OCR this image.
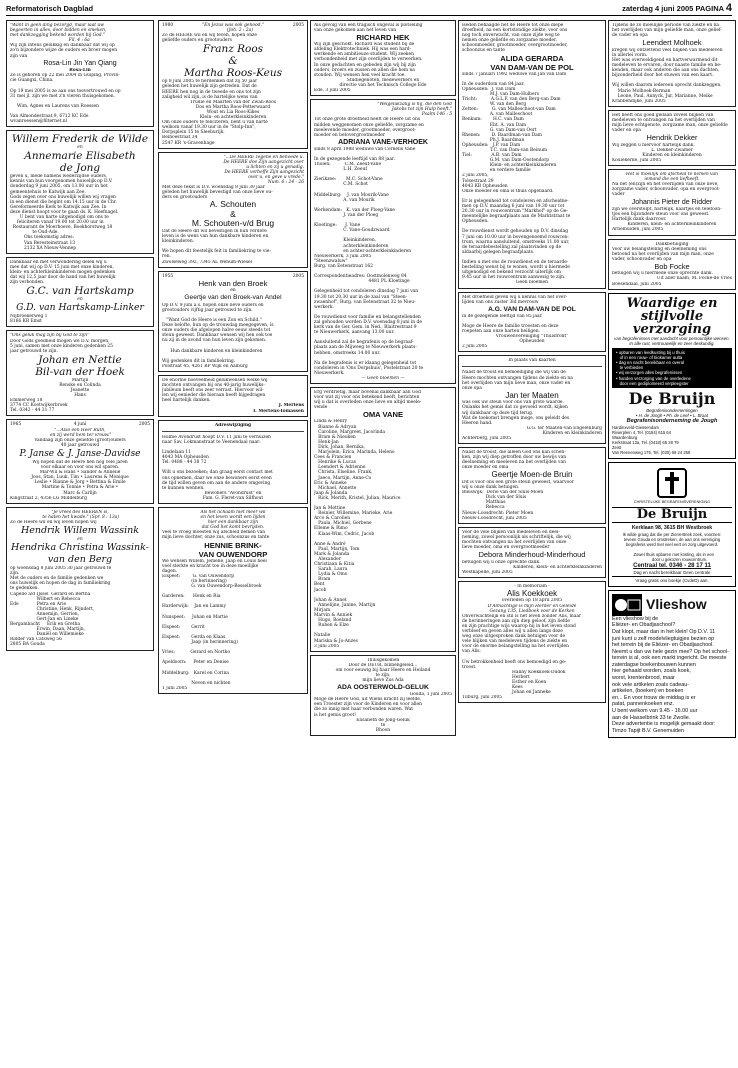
Reformatorisch Dagblad	zaterdag 4 juni 2005 PAGINA 4
"Want in geen ding bezorgd, maar laat uw
begeerten in alles, door bidden en smeken,
met dankzegging bekend worden bij God."
Fil. 4 : 6a
Wij zijn intens gelukkig en dankbaar dat wij op
zo'n bijzondere wijze de ouders en broer mogen
zijn van
Rosa-Lin Jin Yan Qiang
Rosa-Lin
Ze is geboren op 22 mei 2004 in Guiping, Provin-
cie Guangxi, China.

Op 19 mei 2005 is ze aan ons toevertrouwd en op
31 mei jl. zijn we met z'n vieren thuisgekomen.

Wim, Agnes en Laurens van Roessen

Van Almondestraat 9, 6712 KC Ede
wvanroessen@filternet.nl
Willem Frederik de Wilde
en
Annemarie Elisabeth
de Jong
geven u, mede namens wederzijdse ouders,
kennis van hun voorgenomen huwelijk op D.V.
donderdag 9 juni 2005, om 13.00 uur in het
gemeentehuis te Katwijk aan Zee.
Gods zegen over ons huwelijk willen wij vragen
in een dienst die begint om 14.15 uur in de Chr.
Gereformeerde Kerk te Katwijk aan Zee. In
deze dienst hoopt voor te gaan ds. K. Hoefnagel.
U bent van harte uitgenodigd om ons te
feliciteren vanaf 19.00 tot 20.00 uur in
Restaurant de Moerhoeve, Boekhorstweg 18
te Oud-Ade.
Ons toekomstig adres:
Van Beresteinstraat 13
2132 XA Nieuw-Vennep
Dankbaar en met verwondering delen wij u
mee dat wij op D.V. 15 juni met onze kinderen,
klein- en achterkleinkinderen mogen gedenken
dat wij 12,5 jaar door de hand van het huwelijk
zijn verbonden.
G.C. van Hartskamp
en
G.D. van Hartskamp-Linker
Nijbroekerweg 1
8166 KR Emst
"Ons geluk mag zijn bij God te zijn"
Door Gods goedheid mogen we D.V. morgen,
5 juni, samen met onze kinderen gedenken 25
jaar getrouwd te zijn.
Johan en Nettie
Bil-van der Hoek
Martijn
Renske en Colinda
Jeanette
Hans
Emmerweg 18
3774 CC Kootwijkerbroek
Tel. 0342 - 44 31 77
1965	4 juni	2005
"...Also een Heer Ruth,
en zij werd hem ter vrouw."
Vandaag zijn onze geliefde (groot)ouders
40 jaar getrouwd
P. Janse & J. Janse-Davidse
Wij hopen dat de Heere hen nog vele jaren
voor elkaar en voor ons wil sparen.
Mar-Wil & Hans • Sander & Annelie
Joos, Stan, Luuk, Tim • Laurens & Monique
Leslie • Rianne & Jorg • Bettina & Emile
Martine & Tonnie • Petra & Arie •
Marc & Carlijn
Kingstraat 2, 4356 LG Middelburg
"Je vrees des HEEREN is,
te haten het kwade." (Spr. 8 : 13a)
Zo de Heere wil en wij leven hopen wij
Hendrik Willem Wassink
en
Hendrika Christina Wassink-
van den Berg
op woensdag 8 juni 2005 30 jaar getrouwd te
zijn.
Met de ouders en de familie gedenken we
ons huwelijk en hopen de dag in familiekring
te gedenken.
Capelle a/d IJssel  Gerard en Bertha
Wilbert en Rebecca
Ede             Petra en Arie
Christine, Henk, Rijndert,
Annemijn, Gerrien,
Gert-Jan en Lineke
Bergambacht     Erik en Gretha
Erwin, Daan, Martijn,
Daniël en Willemieke
Ridder van Catsweg 56
2805 BA Gouda
1980	"En Jezus was ook genood."
(Joh. 2 : 2a)
2005
Zo de HEERE wil en wij leven, hopen onze
geliefde ouders en grootouders
Franz Roos
&
Martha Roos-Keus
op 8 juni 2005 te herdenken dat zij 50 jaar
geleden het huwelijk zijn getreden. Dat de
HEERE hen nog in de tweede en ons tot zijn
zaligheid wil zijn, is de hartelijke wens van
Trudie en Maarten van der Zwan-Roos
Dos en Martha Roos-Petterwaard
Wout en Lia Roos-Kikes
Klein- en achterkleinkinderen
Om onze ouders te feliciteren, bent u van harte
welkom vanaf 19.30 uur in de "Stolp-Inn",
Dorpsplein 15 te Sleeburijk.
Belhoestraat 34
2547 KR 's-Gravenhage
"...De HEERE zegene en behoede u.
De HEERE doe Zijn aangezicht over
u lichten en zij u genadig.
De HEERE verheffe Zijn aangezicht
over u, en geve u vrede."
Num. 6 : 24 - 26
Met deze tekst is D.V. woensdag 8 juni 30 jaar
geleden het huwelijk bevestigd van onze lieve ou-
ders en grootouders
A. Schouten
&
M. Schouten-v/d Brug
Dat de Heere dit wil bevestigen in hun verdere
leven is de wens van hun dankbare kinderen en
kleinkinderen.

We hopen dit feestelijk feit in familiekring te vie-
ren.
Zwolseweg 392, 7345 AL Wenum-Wiesel
1955	2005
Henk van den Broek
en
Geertje van den Broek-van Andel
Op D.V. 9 juni a.s. hopen onze lieve ouders en
grootouders vijftig jaar getrouwd te zijn.

"Want God de Heere is een Zon en Schild."
Deze belofte, hun op de trouwdag meegegeven, is
onze ouders die afgelopen halve eeuw steeds tot
steun geweest. Dankbaar wensen wij hen ook toe
nu zij in de avond van hun leven zijn gekomen.

Hun dankbare kinderen en kleinkinderen

Wij gedenken dit in familiekring.
Polstraat 45, 4261 BP Wijk en Aalburg
De enorme hoeveelheid gelukwensen welke wij
mochten ontvangen bij ons 40-jarig huwelijks-
jubileum heeft ons zeer verrast. Hiervoor wil-
len wij eenieder die hieraan heeft bijgedragen
heel hartelijk danken.
J. Mertens
T. Mertens-Tomassen
Adreswijziging
Hulme Avondrust hoopt D.V. 11 juni te verhuizen
naar Sav. Lokmanstraat te Veenendaal naar:

Lindelaan 11
4043 MA Opheusden
Tel. 0488 - 44 38 72

Wilt u ons bezoeken; dan graag eerst contact met
ons opnemen, daar we onze bewoners eerst even
de tijd willen geven om aan de andere omgeving
te kunnen wennen.
Bewoners "Avondrust" en
Fam. G. Fleret-van Silfhout
Als het lichaam niet meer wil
en het leven wordt een lijden
hier een dankbaar zijn
dat God het komt bevrijden.
Veel te vroeg moesten wij afscheid nemen van
mijn lieve dochter, onze zus, schoonzus en tante
HENNIE BRINK-
VAN OUWENDORP
We wensen Willem, Jemelle, Jaap en Louis heel
veel sterkte en kracht toe in deze moeilijke
dagen.
Elspeet:         G. van Ouwendorp
(in herinnering)
G. van Ouwendorp-Besselbroek

Garderen:      Henk en Ria

Harderwijk:    Jan en Lammy

Nunspeet:     Johan en Martie

Elspeet:        Gerrit

Elspeet:        Gerda en Klaas
Jaap (in herinnering)

Vries:           Gerard en Nortko

Apeldoorn:     Peter en Denise

Middelburg:   Karel en Corina

Neven en nichten
1 juni 2005
Als gevolg van een tragisch ongeval is plotseling
van onze gekomen aan het leven van
RICHARD HEK
Wij zijn geschokt. Richard was student bij de
afdeling Elektrotechniek. Hij was een hard-
werkende en ambitieuze student. Wij zeeken
verbondenheid met zijn overlijden te verwerken.
In onze gedachten en gebeden zijn wij bij zijn
ouders, broers en zussen en allen die hem na
stonden. Wij wensen hen veel kracht toe.
Studiegenoten, medewerkers en
directie van het Technisch College Ede
Ede, 3 juni 2005
"Welgelukzalig is hij, die den God
Jakobs tot zijn Hulp heeft."
Psalm 146 : 5
Tot onze grote droefheid heeft de Heere uit ons
midden weggenomen onze geliefde, zorgzame en
meelevende moeder, grootmoeder, overgroot-
moeder en betovergrootmoeder
ADRIANA VANE-VERHOEK
sinds 8 april 1988 weduwe van Cornelis Vane

In de gezegende leeftijd van 88 jaar.
Tholen:          C.M. Zeeuf-Vane
L.H. Zeeuf

Zierikzee:       M.C. Schot-Vane
C.M. Schot

Middelburg:    J. van Mourik-Vane
A. van Mourik

Werkendam:   K. van der Ploeg-Vane
J. van der Ploeg

Kloetinge:      J. Vane
C. Vane-Goudzwaard

Kleinkinderen,
achterkleinkinderen
en achter-achterkleinkinderen
Nieuwerkerk, 3 juni 2005
"Steenzwaluw"
Burg. van Eetenstraat 162

Correspondentieadres: Oostmolenweg 84
4481 PL Kloetinge

Gelegenheid tot condoleren dinsdag 7 juni van
19.30 tot 20.30 uur in de zaal van "Steen-
zwaenhof", Burg. van Eetenstraat 32 te Nieu-
werkerk.

De rouwdienst voor familie en belangstellenden
zal gehouden worden D.V. woensdag 8 juni in de
kerk van de Ger. Gem. in Ned., Blaitrestraat 9
te Nieuwerkerk, aanvang 13.00 uur.

Aansluitend zal de begrafenis op de begraaf-
plaats aan de Mijweeg te Nieuwerkerk plaats-
hebben, omstreeks 14.00 uur.

Na de begrafenis is er idaang gelegenheid tot
condoleren in 'Ons Dorpshuis', Postelstraat 20 te
Nieuwerkerk.
— Geen bloemen —
Erg verdrietig, maar bovenal dankbaar aan God
voor wat zij voor ons betekend heeft, berichten
wij u dat is overleden onze lieve en altijd meele-
vende
OMA VANE
Linda & Henry
Bianne & Adryan
Caroline, Margreet, Jacorinda
Bram & Nieuken
Henk-Jan
Dirk, Johan, Bernika,
Marjolein, Erica, Marinda, Heleno
Cees & Francien
Henrike & Lucas
Leendert & Adrienne
Christa, Elseline, Frank,
Jaeco, Martijn, Anne-Co
Eric & Anneke
Michael, Annette
Jaap & Jolanda
Rick, Merith, Kristel, Julian, Maurice

Jan & Mettine
Reinier, Willemine, Marieke, Arie
Arco & Carolien
Paula, Michiel, Gerbene
Elleme & Rimo
Klaas-Wim, Cedric, Jacob

Anne & André
Paul, Martijn, Tom
Mark & Jolanda
Alexander
Christiaan & Kitia
Sarah, Laura
Lydia & Omo
Bram
Bent
Jacob

Johan & Annet
Annelijne, Janine, Martijn
Mirjam
Marvin & Anniek
Hugo, Roeland
Ruben & Elze

Natalie
Mariska & Jo-Anzes
3 juni 2005
Thuisgekomen
Door de DEUR, binnengeleid...
om voor eeuwig bij haar Heere en Heiland
te zijn,
mijn lieve Zus Ada
ADA OOSTERWOLD-GELUK
Gouda, 1 juni 2005
Moge de Heere God, uit Wiens kracht zij leefde,
een Troester zijn voor de Kinderen en voor allen
die zo innig met haar verbonden waren. Wat
is het gemis groot!
Elisabeth de Jong-Geluk
te
Bhoon
Heden behaagde het de Heere tot onze diepe
droefheid, na een kortstondige ziekte, voor ons
nog toch onverwacht, van onze zijde weg te
nemen onze geliefde en zorgzame moeder,
schoonmoeder, grootmoeder, overgrootmoeder,
schoonzus en tante
ALIDA GERARDA
VAN DAM-VAN DE POL
sinds 7 januari 1992 weduwe van Jan van Dam

In de ouderdom van 84 jaar.
Opheusden:  J. van Dam
M.J. van Dam-Hulbers
Tricht:          A.G.L.F. van den Berg-van Dam
W. van den Berg
Zetten:          G. van Malleschoot-van Dam
A. van Malleschoot
Benkum:        H.C. van Dam
Ebt. A. van Dam
G. van Dam-van Oert
Rhenen:        D. Baardman-van Dam
Ph.J. Baardman
Opheusden:   J.P. van Dam
T.C. van Dam-van Beinum
Tiel:              A.B. van Dam
G.M. van Dam-Oostendorp
Klein- en achterkleinkinderen
en verdere familie
2 juni 2005,
Tolsestraat 29
4043 KB Opheusden
Onze moeder en oma is thuis opgebaard.

Er is gelegenheid tot condoleren en afscheidne-
men op D.V. maandag 6 juni van 19.30 uur tot
20.30 uur in rouwcentrum "Markhof" op de Ge-
meentelijke begraafplaats aan de Marktstraat te
Opheusden.

De rouwdienst wordt gehouden op D.V. dinsdag
7 juni om 10.00 uur in bovengenoemd rouwcen-
trum, waarna aansluitend, omstreeks 11.00 uur,
de teraardebestelling zal plaatsvinden op de
aldaarbij gelegen begraafplaats.

Indien u met ons de rouwdienst en de teraarde-
bestelling wenst bij te wonen, wordt u hiermede
uitgenodigd en bekend verzocht uiterlijk om
9.45 uur in het rouwcentrum aanwezig te zijn.
Geen bloemen
Met droefheid geven wij u kennis van het over-
lijden van ons zuster 3ld mevrouw
A.G. VAN DAM-VAN DE POL
in de gezegende leeftijd van 85 jaar.

Moge de Heere de familie troosten en deze
roepeten aan onze harten heiligen.
Vrouwenvereniging "Thuisfront"
Opheusden
2 juni 2005
In plaats van kaarten
Naast de troost en bemoediging die wij van de
Heere mochten ontvangen tijdens de ziekte en na
het overlijden van mijn lieve man, onze vader en
onze opa
Jan ter Maaten
was ook uw steun voor ons van grote waarde.
Onlanks het gemis dat zo gevoeld wordt, kijken
wij dankbaar op deze tijd terug.
Wat de toekomst brengen moge, ons geleidt des
Heeren hand.
G.G. ter Maaten-van Engelenburg
Kinderen en kleinkinderen
Achterberg, juni 2005
Naast de troost, die alleen God ons kan schen-
ken, zijn wij diep getroffen door uw bewijs van
deelneming en meeleven na het overlijden van
onze moeder en oma
Geertje Moen-de Bruin
Dit is voor ons een grote steun geweest, waarvoor
wij u onze dank betuigen.
Bleiswijk:  Dorie van der Sluis-Moen
Dick van der Sluis
Matthias
Rebecca
Nieuw-Loosdrecht: Pieter Moen
Nieuw-Loosdrecht, juni 2005
Voor de vele blijken van medeleven en deel-
neming, zowel persoonlijk als schriftelijk, die wij
mochten ontvangen na het overlijden van onze
lieve moeder, oma en overgrootmoeder
Debora Minderhoud-Minderhoud
betuigen wij u onze oprechte dank.
Kinderen, klein- en achterkleinkinderen
Westkapelle, juni 2005
- In memoriam -
Alis Koekkoek
overleden op 18 april 2005
D'Almachtige is mijn Herder en Geleide
Gezang 135, Liedboek voor de Kerken
Onverwachtelijk en stil is het leven zonder Alis, maar
de herinneringen aan zijn diep geloof, zijn liefde
en zijn prachtige wijs waarop hij in het leven stond
verbleef en geven alles wij u allen langs deze
weg onze uitgesproken dank betuigen voor de
vele blijken van medeleven tijdens de ziekte en
voor de enorme belangstelling na het overlijden
van Alis.

Uw betrokkenheid heeft ons bemoedigd en ge-
troost.
Hanny Koekkoek-Dudok
Herbert
Esther en Koen
Kees
Johan en Janneke
Tilburg, juni 2005
Tijdens de zo moeilijke periode van ziekte en na
het overlijden van mijn geliefde man, onze gelief-
de vader en opa
Leendert Molhoek
kregen wij ontzettend veel blijken van medeleven
in allerlei vorm.
Het was overweldigend en hartverwarmend dit
medeleven te ervaren, door naaste familie en be-
kenden, maar ook anderen die aan ons dachten,
bijzonderheid door het stuwen van een kaart.

Wij willen daarom iedereen oprecht dankzeggen.
Marie Molhoek-Berman
Leone, Paul, Annyck, Jur, Marianne, Meike
Krabbendijke, juni 2005
Het heeft ons goed gedaan zoveel blijken van
medeleven te ontvangen na het overlijden van
mijn lieve echtgenote, zorgzame man, onze geliefde
vader en opa
Hendrik Dekker
Wij zeggen u hiervoor hartelijk dank.
L. Dekker-Zwamer
Kinderen en kleinkinderen
Kouiekerke, juni 2005
Het is moeilijk om afscheid te nemen van
iemand die een liefheeft.
Na het (en)zijn en het overlijden van onze lieve,
zorgzame vader, schoonvader, opa en overgroot-
vader
Johannis Pieter de Ridder
zijn we overstelpt, hartelijk, kaartjes en telefoon-
tjes een bijzondere steun voor ons geweest.
Hartelijk dank daarvoor.
Kinderen, klein- en achterkleinkinderen
Arnemuiden, juni 2005
Dankbetuiging
Voor uw belangstelling en deelneming ons
betoond na het overlijden van mijn man, onze
vader, schoonvader en opa
Bob Focke
betuigen wij u hiermede onze oprechte dank.
Uit aller naam, M. Focke-de Vries
Boesendaal, juni 2005
Waardige en
stijlvolle verzorging
van begrafenissen met aandacht voor persoonlijke wensen. In alle rust, vertrouwelijk en zeer deskundig.
• opbaren van leedkusting bij u thuis
of in een rouw- of biokamer aulta
• dag en nacht bereikbaar en overal
te verbieden
• wij verzorgen alles begrafenissen
• handen verzorging van de overledene
door een gediplomeerd verpleegster
De Bruijn
Begrafenisondernemingen
• H. de Jongh • Ph. de Leef • L. Braat
Begrafenisonderneming de Jough
Hardinxveld-Giessendam
Rivierplein 4, Tel. (0184) 615 64
Waardenburg
Kerkstraat 13a, Tel. (0418) 65 28 79
Zeist
Van Reenenweg 175, Tel. (030) 69 24 258
CHRISTELIJKE BEGRAFENISVERENIGING
De Bruijn
Kerklaan 98, 3615 BH Westbroek
Ik wilde graag dat die per Ziens-Briek zoek, voorzien:
teveen Gouda en omstreken, de aan ons vereniging
begrafenis werd met veel eert en zorg uitgevoerd.

Zowel thuis opbaren met kosting, als in een
door u gekozen rouwcentrum.
Centraal tel. 0346 - 28 17 11
Dag en nacht bereikbaar Geen centrale
Vraag gratis ons boekje (CvdeD) aan.
Vlieshow
Een vlieshow bij de
Eliëzer- en Obadjaschool?
Dat klopt, maar dan in het klein! Op D.V. 11
juni kunt u zelf modelvliegtuigjes bezien op
het terrein bij de Eliëzer- en Obadjaschool.
Neemt u dan uw hele gezin mee? Op het school-
terrein is al, ook een markt ingericht. De meeste
zaterdagse boekenbouwen kunnen
hier gehaald worden, zoals koek,
worst, krentenbrood, maar
ook vele artikelen zoals cadeau-
artikelen, (boeken) en boeken
en... En voor trouw de middag is er
patat, pannenkoeken enz.
U bent welkom van 9.45 - 16.00 uur
aan de Hasselbrink 33 te Zwolle.
Deze advertentie is mogelijk gemaakt door:
Timzo Tapijt B.V. Genemuiden
